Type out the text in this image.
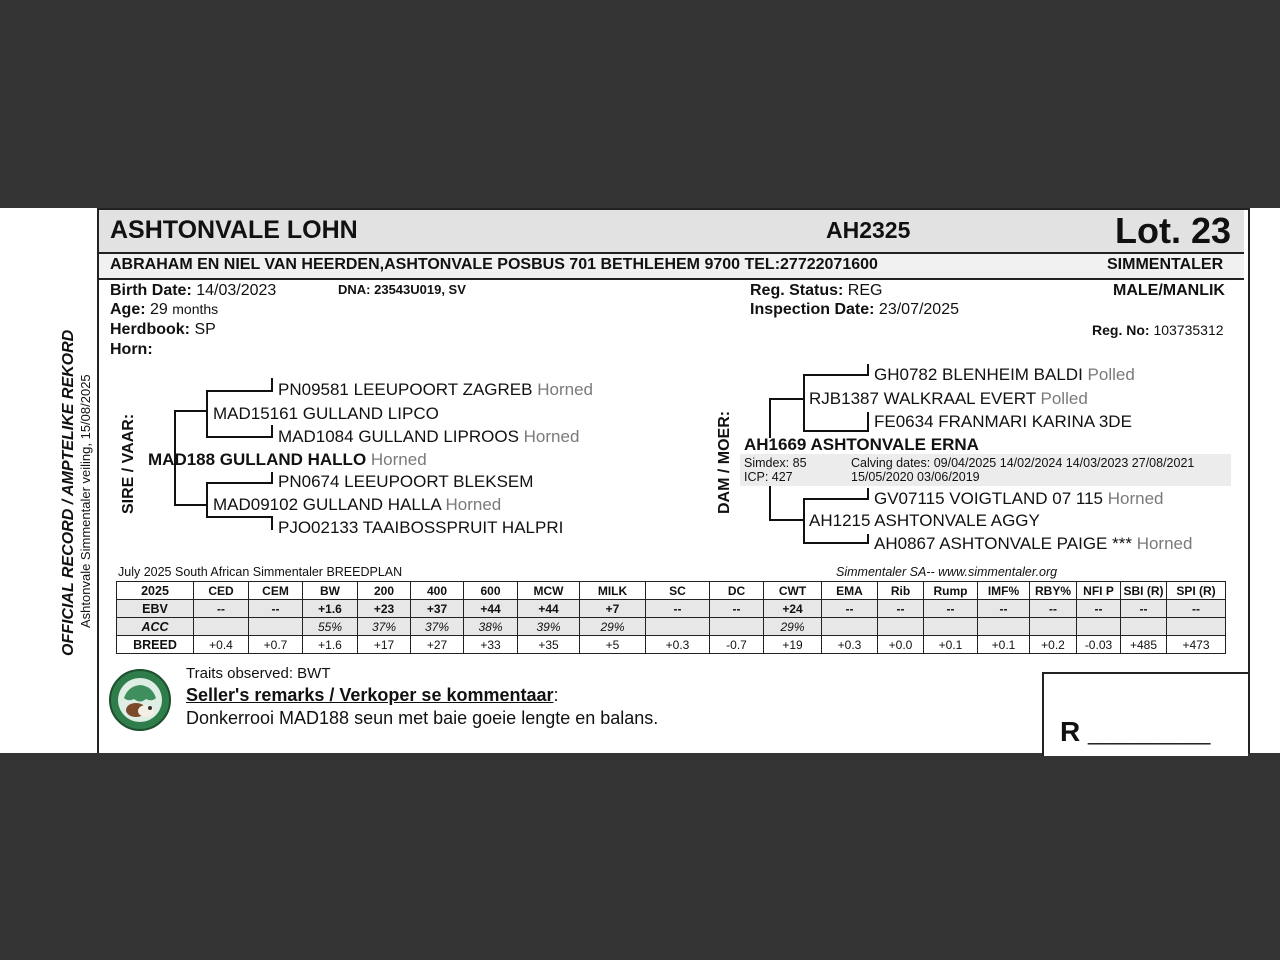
OFFICIAL RECORD / AMPTELIKE REKORD Ashtonvale Simmentaler veiling, 15/08/2025
ASHTONVALE LOHN	AH2325	Lot. 23
ABRAHAM EN NIEL VAN HEERDEN,ASHTONVALE POSBUS 701 BETHLEHEM 9700 TEL:27722071600	SIMMENTALER
Birth Date: 14/03/2023	DNA: 23543U019, SV
Age: 29 months
Herdbook: SP
Horn:
Reg. Status: REG
Inspection Date: 23/07/2025
MALE/MANLIK
Reg. No: 103735312
SIRE / VAAR:
PN09581 LEEUPOORT ZAGREB Horned
MAD15161 GULLAND LIPCO
MAD1084 GULLAND LIPROOS Horned
MAD188 GULLAND HALLO Horned
PN0674 LEEUPOORT BLEKSEM
MAD09102 GULLAND HALLA Horned
PJO02133 TAAIBOSSPRUIT HALPRI
DAM / MOER:
GH0782 BLENHEIM BALDI Polled
RJB1387 WALKRAAL EVERT Polled
FE0634 FRANMARI KARINA 3DE
AH1669 ASHTONVALE ERNA
Simdex: 85
ICP: 427
Calving dates: 09/04/2025 14/02/2024 14/03/2023 27/08/2021
15/05/2020 03/06/2019
GV07115 VOIGTLAND 07 115 Horned
AH1215 ASHTONVALE AGGY
AH0867 ASHTONVALE PAIGE *** Horned
July 2025 South African Simmentaler BREEDPLAN	Simmentaler SA-- www.simmentaler.org
2025	CED	CEM	BW	200	400	600	MCW	MILK	SC	DC	CWT	EMA	Rib	Rump	IMF%	RBY%	NFI P	SBI (R)	SPI (R)
EBV	--	--	+1.6	+23	+37	+44	+44	+7	--	--	+24	--	--	--	--	--	--	--	--
ACC			55%	37%	37%	38%	39%	29%			29%								
BREED	+0.4	+0.7	+1.6	+17	+27	+33	+35	+5	+0.3	-0.7	+19	+0.3	+0.0	+0.1	+0.1	+0.2	-0.03	+485	+473
Traits observed: BWT
Seller's remarks / Verkoper se kommentaar:
Donkerrooi MAD188 seun met baie goeie lengte en balans.	R __________
